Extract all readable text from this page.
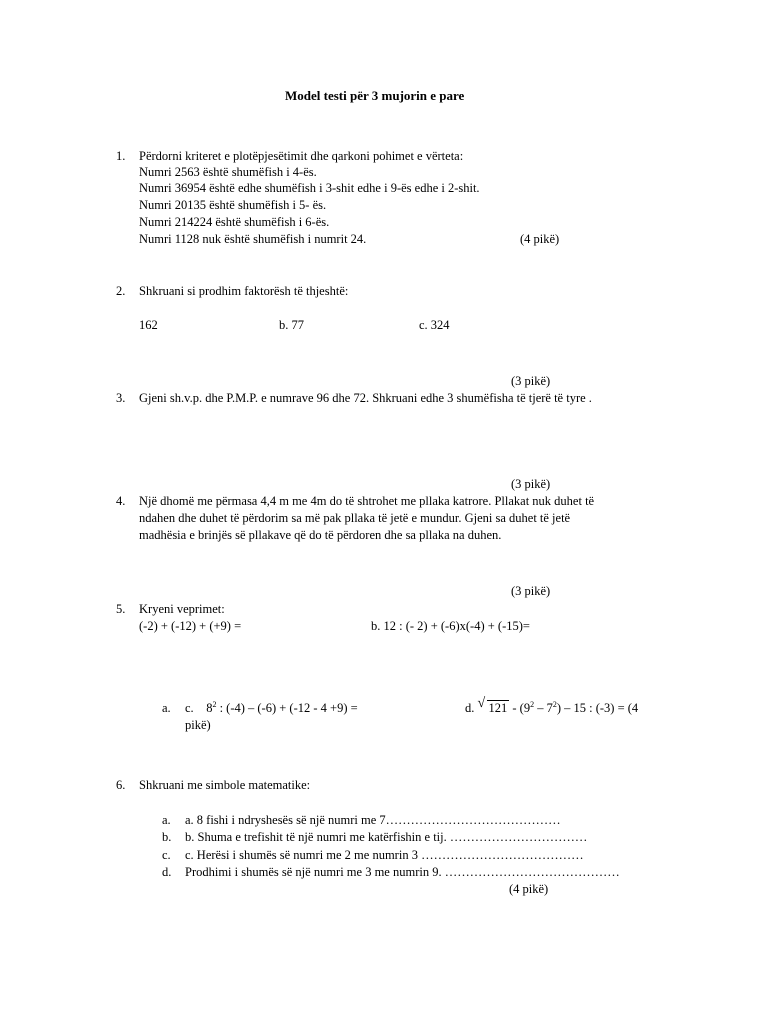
Model testi për 3 mujorin e pare
1. Përdorni kriteret e plotëpjesëtimit dhe qarkoni pohimet e vërteta:
Numri 2563 është shumëfish i 4-ës.
Numri 36954 është edhe shumëfish i 3-shit edhe i 9-ës edhe i 2-shit.
Numri 20135 është shumëfish i 5- ës.
Numri 214224 është shumëfish i 6-ës.
Numri 1128 nuk është shumëfish i numrit 24.	(4 pikë)
2. Shkruani si prodhim faktorësh të thjeshtë:
162	b. 77	c. 324
(3 pikë)
3. Gjeni sh.v.p. dhe P.M.P. e numrave 96 dhe 72. Shkruani edhe 3 shumëfisha të tjerë të tyre .
(3 pikë)
4. Një dhomë me përmasa 4,4 m me 4m do të shtrohet me pllaka katrore. Pllakat nuk duhet të
ndahen dhe duhet të përdorim sa më pak pllaka të jetë e mundur. Gjeni sa duhet të jetë
madhësia e brinjës së pllakave që do të përdoren dhe sa pllaka na duhen.
(3 pikë)
5. Kryeni veprimet:
(-2) + (-12) + (+9) =	b. 12 : (- 2) + (-6)x(-4) + (-15)=
a. c. $8^2$ : (-4) – (-6) + (-12 - 4 +9) =	d. √ $121 - (9^2 - 7^2) - 15$ : (-3) = (4
pikë)
6. Shkruani me simbole matematike:
a. a. 8 fishi i ndryshesës së një numri me 7……………………………………
b. b. Shuma e trefishit të një numri me katërfishin e tij. ……………………………
c. c. Herësi i shumës së numri me 2 me numrin 3 …………………………………
d. Prodhimi i shumës së një numri me 3 me numrin 9. ……………………………………
(4 pikë)
